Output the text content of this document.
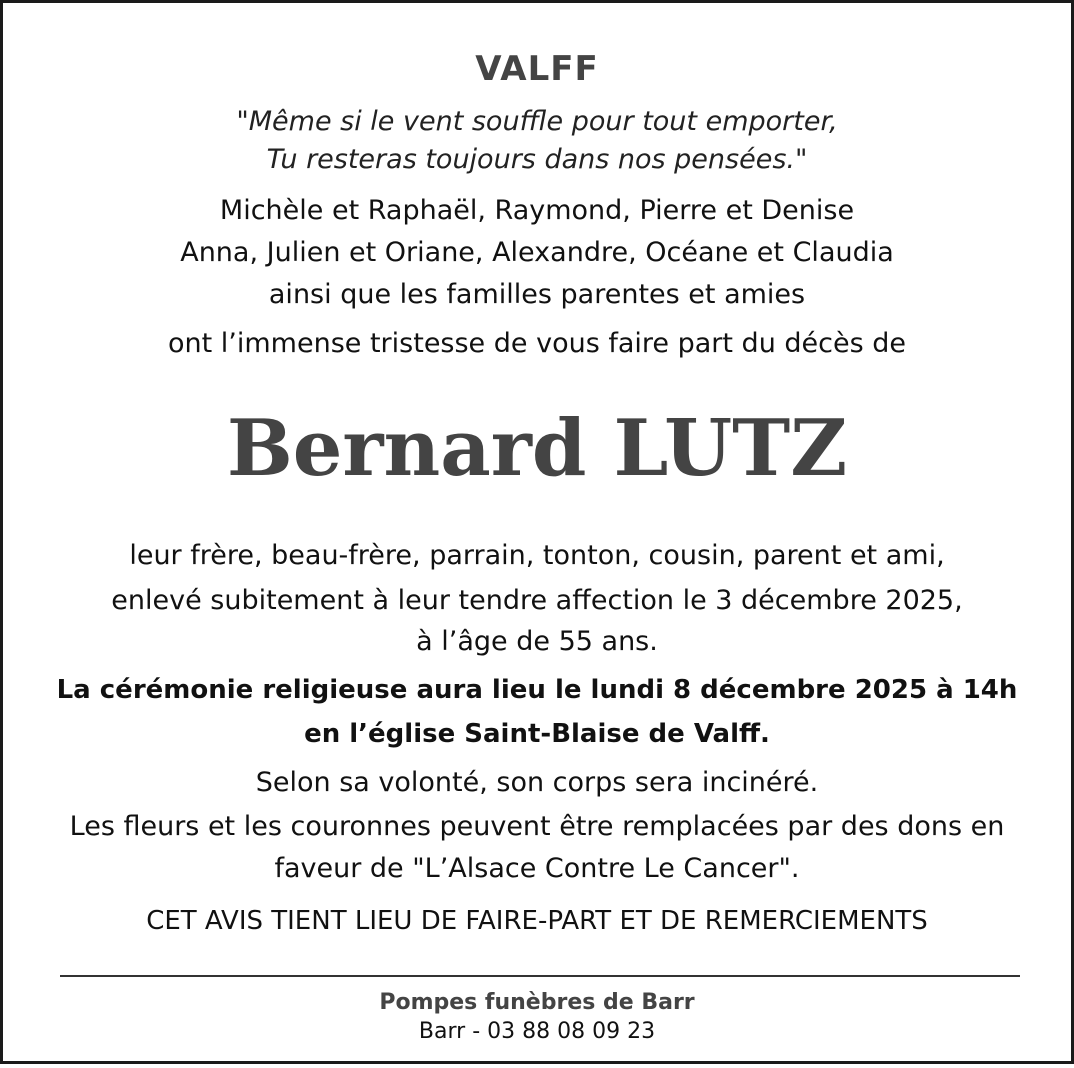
VALFF
"Même si le vent souffle pour tout emporter,
Tu resteras toujours dans nos pensées."
Michèle et Raphaël, Raymond, Pierre et Denise
Anna, Julien et Oriane, Alexandre, Océane et Claudia
ainsi que les familles parentes et amies
ont l’immense tristesse de vous faire part du décès de
Bernard LUTZ
leur frère, beau-frère, parrain, tonton, cousin, parent et ami,
enlevé subitement à leur tendre affection le 3 décembre 2025,
à l’âge de 55 ans.
La cérémonie religieuse aura lieu le lundi 8 décembre 2025 à 14h
en l’église Saint-Blaise de Valff.
Selon sa volonté, son corps sera incinéré.
Les fleurs et les couronnes peuvent être remplacées par des dons en
faveur de "L’Alsace Contre Le Cancer".
CET AVIS TIENT LIEU DE FAIRE-PART ET DE REMERCIEMENTS
Pompes funèbres de Barr
Barr - 03 88 08 09 23
